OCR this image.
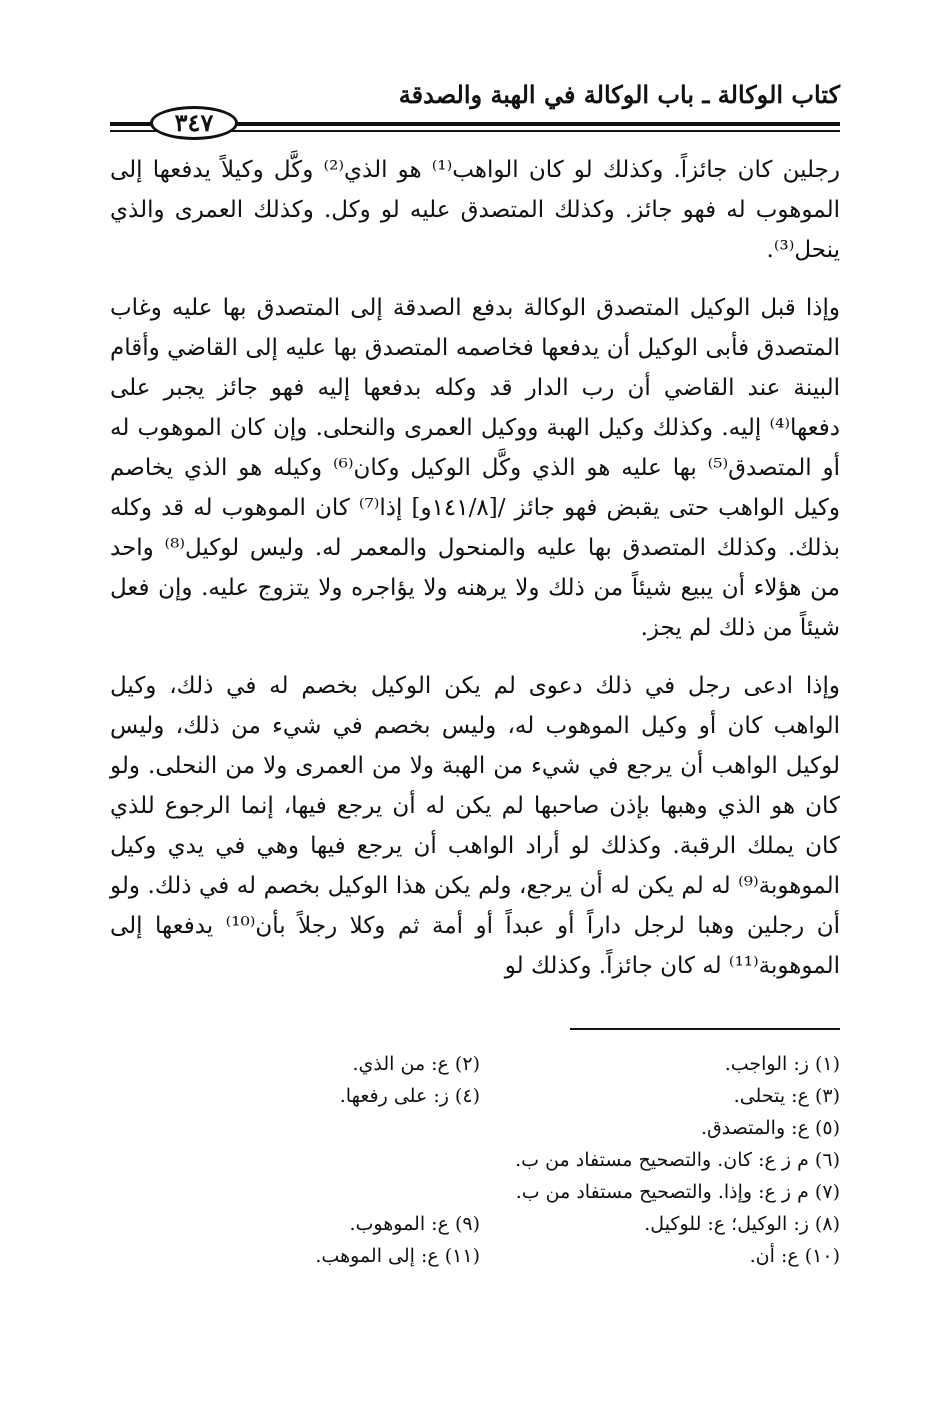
كتاب الوكالة ـ باب الوكالة في الهبة والصدقة
٣٤٧

رجلين كان جائزاً. وكذلك لو كان الواهب⁽¹⁾ هو الذي⁽²⁾ وكَّل وكيلاً يدفعها إلى الموهوب له فهو جائز. وكذلك المتصدق عليه لو وكل. وكذلك العمرى والذي ينحل⁽³⁾.

وإذا قبل الوكيل المتصدق الوكالة بدفع الصدقة إلى المتصدق بها عليه وغاب المتصدق فأبى الوكيل أن يدفعها فخاصمه المتصدق بها عليه إلى القاضي وأقام البينة عند القاضي أن رب الدار قد وكله بدفعها إليه فهو جائز يجبر على دفعها⁽⁴⁾ إليه. وكذلك وكيل الهبة ووكيل العمرى والنحلى. وإن كان الموهوب له أو المتصدق⁽⁵⁾ بها عليه هو الذي وكَّل الوكيل وكان⁽⁶⁾ وكيله هو الذي يخاصم وكيل الواهب حتى يقبض فهو جائز /[١٤١/٨و] إذا⁽⁷⁾ كان الموهوب له قد وكله بذلك. وكذلك المتصدق بها عليه والمنحول والمعمر له. وليس لوكيل⁽⁸⁾ واحد من هؤلاء أن يبيع شيئاً من ذلك ولا يرهنه ولا يؤاجره ولا يتزوج عليه. وإن فعل شيئاً من ذلك لم يجز.

وإذا ادعى رجل في ذلك دعوى لم يكن الوكيل بخصم له في ذلك، وكيل الواهب كان أو وكيل الموهوب له، وليس بخصم في شيء من ذلك، وليس لوكيل الواهب أن يرجع في شيء من الهبة ولا من العمرى ولا من النحلى. ولو كان هو الذي وهبها بإذن صاحبها لم يكن له أن يرجع فيها، إنما الرجوع للذي كان يملك الرقبة. وكذلك لو أراد الواهب أن يرجع فيها وهي في يدي وكيل الموهوبة⁽⁹⁾ له لم يكن له أن يرجع، ولم يكن هذا الوكيل بخصم له في ذلك. ولو أن رجلين وهبا لرجل داراً أو عبداً أو أمة ثم وكلا رجلاً بأن⁽¹⁰⁾ يدفعها إلى الموهوبة⁽¹¹⁾ له كان جائزاً. وكذلك لو

(١) ز: الواجب.
(٢) ع: من الذي.
(٣) ع: يتحلى.
(٤) ز: على رفعها.
(٥) ع: والمتصدق.
(٦) م ز ع: كان. والتصحيح مستفاد من ب.
(٧) م ز ع: وإذا. والتصحيح مستفاد من ب.
(٨) ز: الوكيل؛ ع: للوكيل.
(٩) ع: الموهوب.
(١٠) ع: أن.
(١١) ع: إلى الموهب.
